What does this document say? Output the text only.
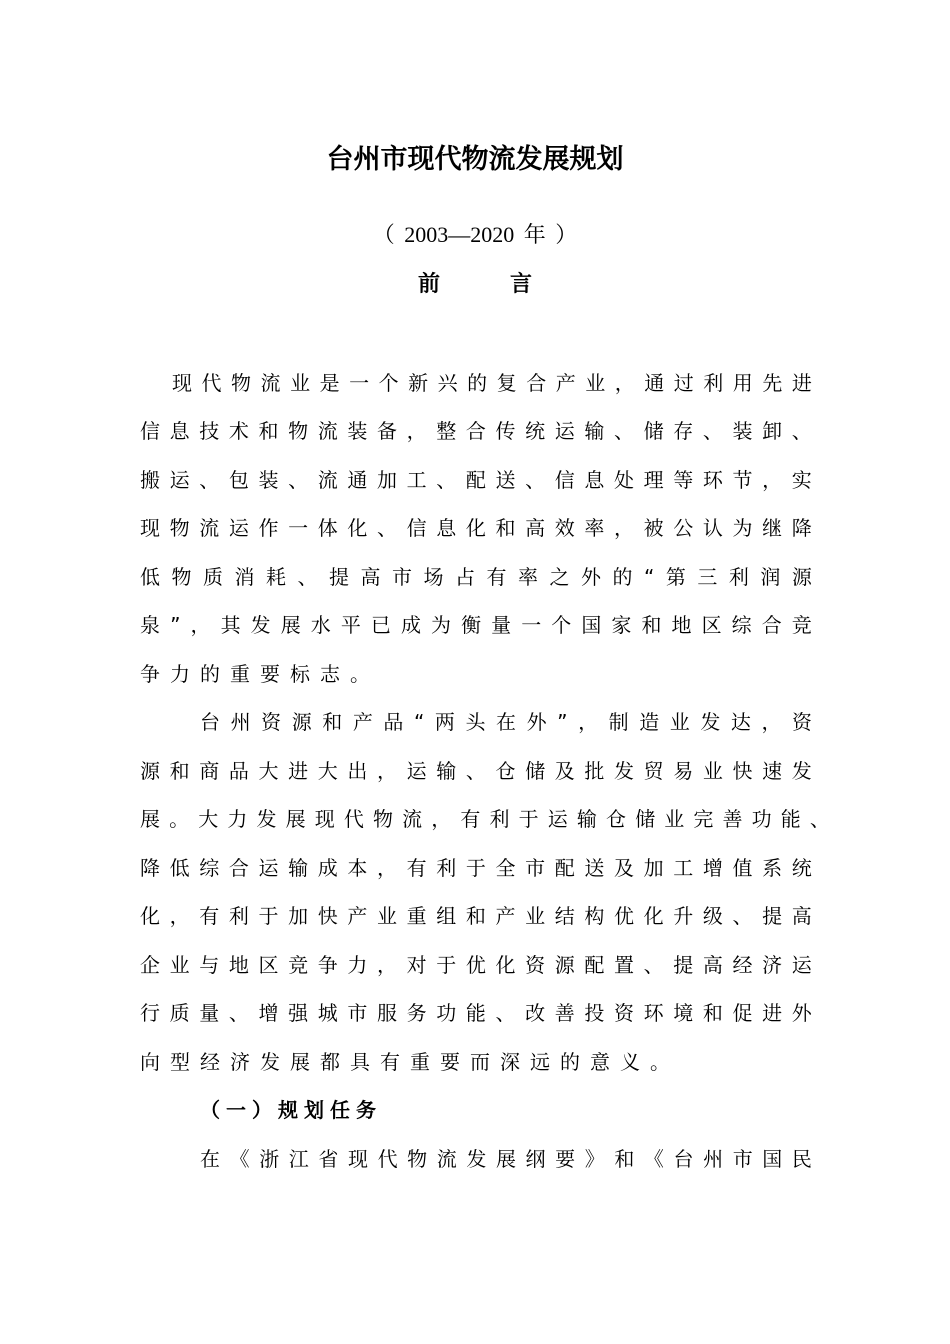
台州市现代物流发展规划
（ 2003—2020 年 ）
前	言
现 代 物 流 业 是 一 个 新 兴 的 复 合 产 业 ， 通 过 利 用 先 进
信 息 技 术 和 物 流 装 备 ， 整 合 传 统 运 输 、 储 存 、 装 卸 、
搬 运 、 包 装 、 流 通 加 工 、 配 送 、 信 息 处 理 等 环 节 ， 实
现 物 流 运 作 一 体 化 、 信 息 化 和 高 效 率 ， 被 公 认 为 继 降
低 物 质 消 耗 、 提 高 市 场 占 有 率 之 外 的 “ 第 三 利 润 源
泉 ” ， 其 发 展 水 平 已 成 为 衡 量 一 个 国 家 和 地 区 综 合 竞
争力的重要标志。
台 州 资 源 和 产 品 “ 两 头 在 外 ” ， 制 造 业 发 达 ， 资
源 和 商 品 大 进 大 出 ， 运 输 、 仓 储 及 批 发 贸 易 业 快 速 发
展 。 大 力 发 展 现 代 物 流 ， 有 利 于 运 输 仓 储 业 完 善 功 能 、
降 低 综 合 运 输 成 本 ， 有 利 于 全 市 配 送 及 加 工 增 值 系 统
化 ， 有 利 于 加 快 产 业 重 组 和 产 业 结 构 优 化 升 级 、 提 高
企 业 与 地 区 竞 争 力 ， 对 于 优 化 资 源 配 置 、 提 高 经 济 运
行 质 量 、 增 强 城 市 服 务 功 能 、 改 善 投 资 环 境 和 促 进 外
向型经济发展都具有重要而深远的意义。
（一）规划任务
在 《 浙 江 省 现 代 物 流 发 展 纲 要 》 和 《 台 州 市 国 民
